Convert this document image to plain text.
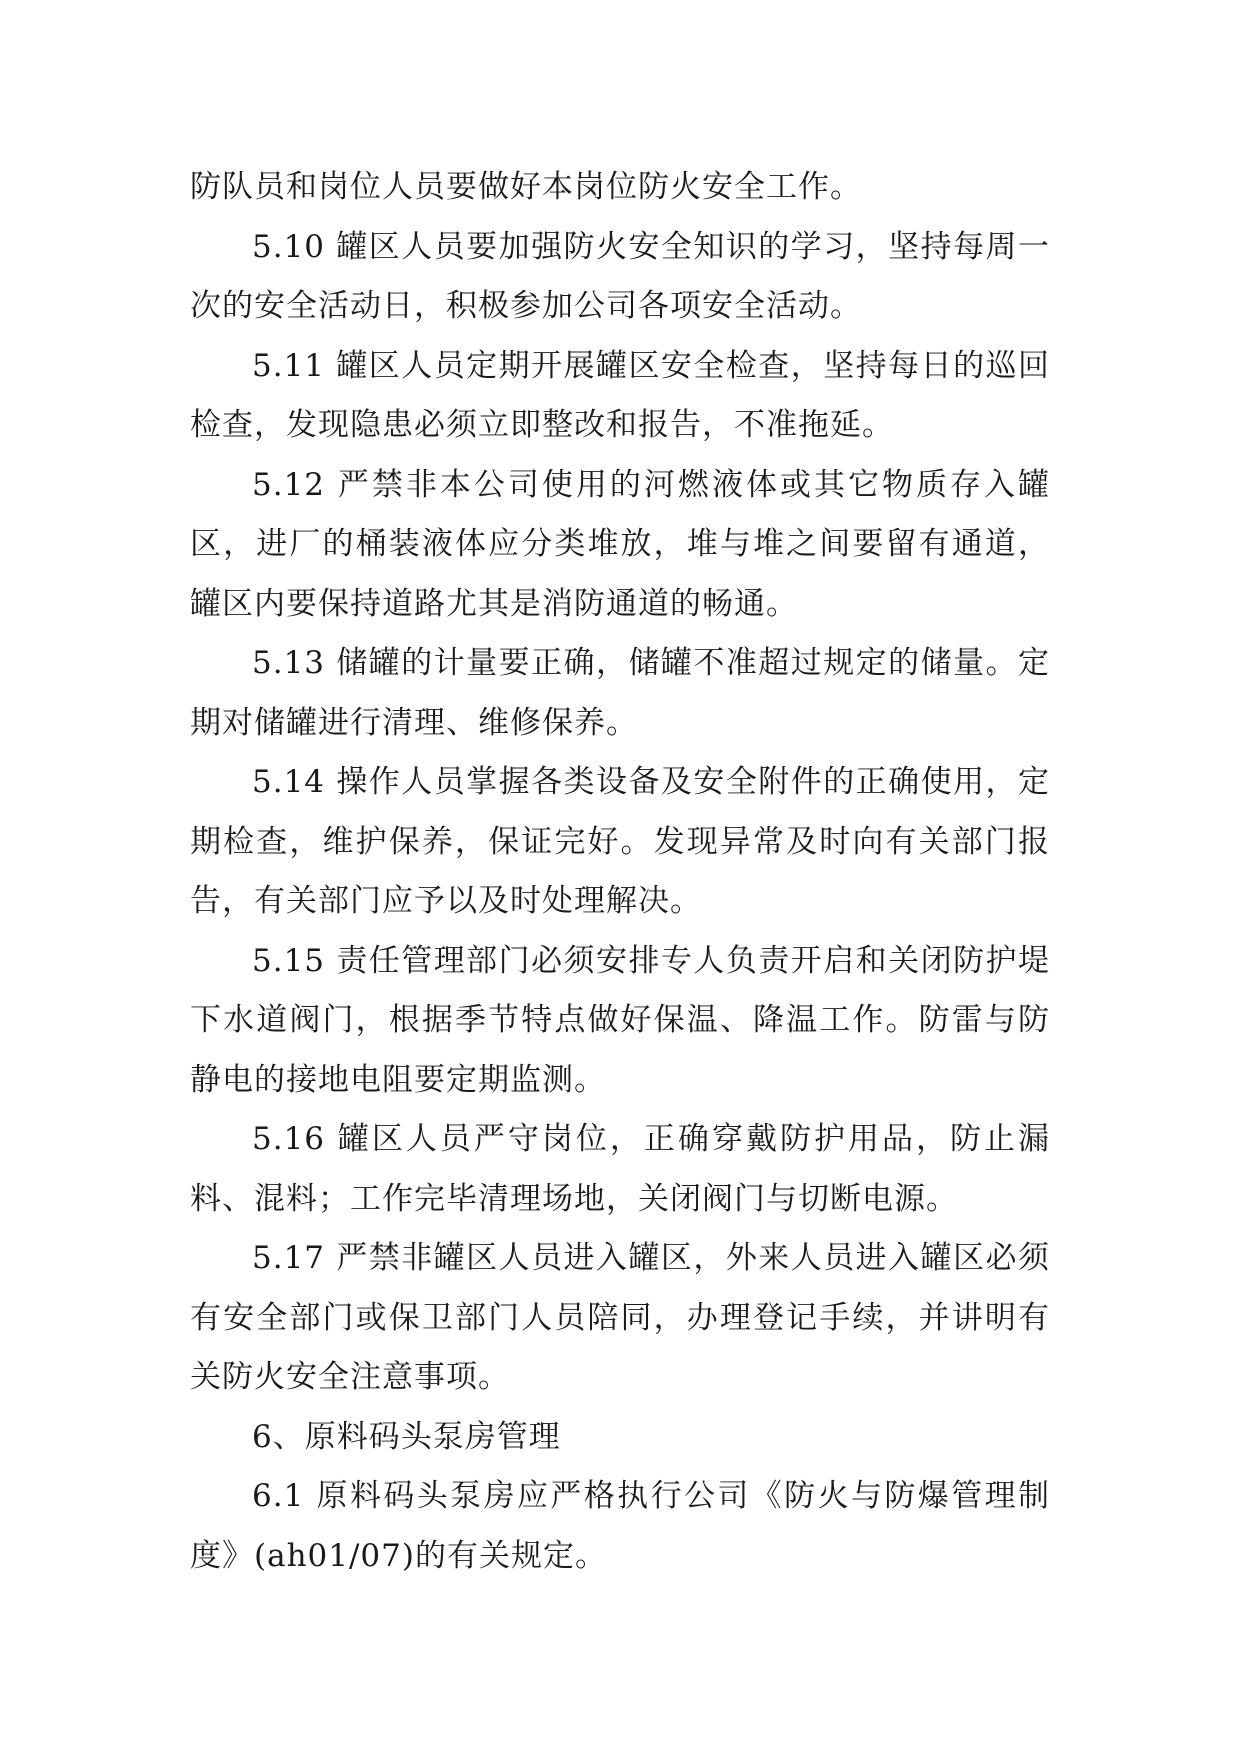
防队员和岗位人员要做好本岗位防火安全工作。

5.10 罐区人员要加强防火安全知识的学习，坚持每周一次的安全活动日，积极参加公司各项安全活动。

5.11 罐区人员定期开展罐区安全检查，坚持每日的巡回检查，发现隐患必须立即整改和报告，不准拖延。

5.12 严禁非本公司使用的河燃液体或其它物质存入罐区，进厂的桶装液体应分类堆放，堆与堆之间要留有通道，罐区内要保持道路尤其是消防通道的畅通。

5.13 储罐的计量要正确，储罐不准超过规定的储量。定期对储罐进行清理、维修保养。

5.14 操作人员掌握各类设备及安全附件的正确使用，定期检查，维护保养，保证完好。发现异常及时向有关部门报告，有关部门应予以及时处理解决。

5.15 责任管理部门必须安排专人负责开启和关闭防护堤下水道阀门，根据季节特点做好保温、降温工作。防雷与防静电的接地电阻要定期监测。

5.16 罐区人员严守岗位，正确穿戴防护用品，防止漏料、混料；工作完毕清理场地，关闭阀门与切断电源。

5.17 严禁非罐区人员进入罐区，外来人员进入罐区必须有安全部门或保卫部门人员陪同，办理登记手续，并讲明有关防火安全注意事项。

6、原料码头泵房管理

6.1 原料码头泵房应严格执行公司《防火与防爆管理制度》(ah01/07)的有关规定。
